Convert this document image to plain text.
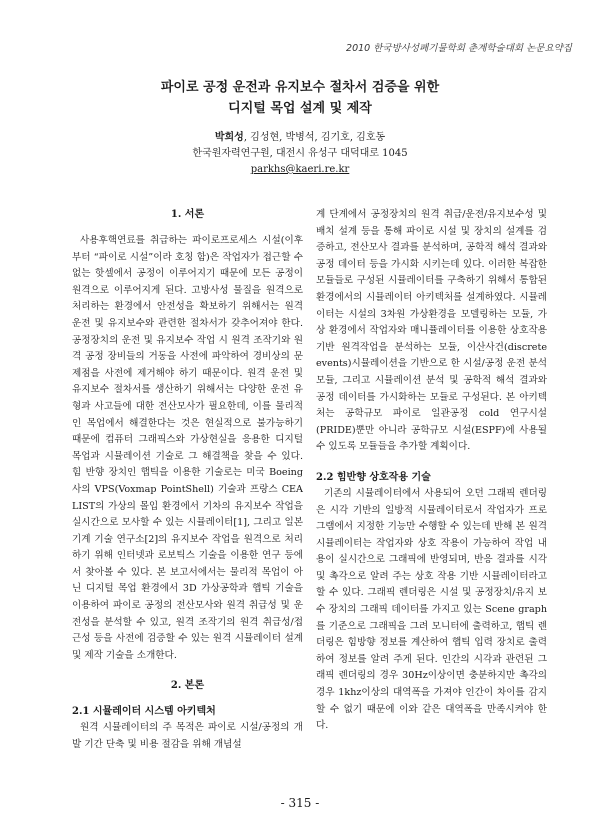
2010 한국방사성폐기물학회 춘계학술대회 논문요약집
파이로 공정 운전과 유지보수 절차서 검증을 위한
디지털 목업 설계 및 제작
박희성, 김성현, 박병석, 김기호, 김호동
한국원자력연구원, 대전시 유성구 대덕대로 1045
parkhs@kaeri.re.kr
1. 서론

사용후핵연료를 취급하는 파이로프로세스 시설(이후부터 “파이로 시설”이라 호칭 함)은 작업자가 접근할 수 없는 핫셀에서 공정이 이루어지기 때문에 모든 공정이 원격으로 이루어지게 된다. 고방사성 물질을 원격으로 처리하는 환경에서 안전성을 확보하기 위해서는 원격 운전 및 유지보수와 관련한 절차서가 갖추어져야 한다. 공정장치의 운전 및 유지보수 작업 시 원격 조작기와 원격 공정 장비들의 거동을 사전에 파악하여 경비상의 문제점을 사전에 제거해야 하기 때문이다. 원격 운전 및 유지보수 절차서를 생산하기 위해서는 다양한 운전 유형과 사고들에 대한 전산모사가 필요한데, 이를 물리적인 목업에서 해결한다는 것은 현실적으로 불가능하기 때문에 컴퓨터 그래픽스와 가상현실을 응용한 디지털 목업과 시뮬레이션 기술로 그 해결책을 찾을 수 있다. 힘 반향 장치인 햅틱을 이용한 기술로는 미국 Boeing 사의 VPS(Voxmap PointShell) 기술과 프랑스 CEA LIST의 가상의 몰입 환경에서 기차의 유지보수 작업을 실시간으로 모사할 수 있는 시뮬레이터[1], 그리고 일본 기계 기술 연구소[2]의 유지보수 작업을 원격으로 처리하기 위해 인터넷과 로보틱스 기술을 이용한 연구 등에서 찾아볼 수 있다. 본 보고서에서는 물리적 목업이 아닌 디지털 목업 환경에서 3D 가상공학과 햅틱 기술을 이용하여 파이로 공정의 전산모사와 원격 취급성 및 운전성을 분석할 수 있고, 원격 조작기의 원격 취급성/접근성 등을 사전에 검증할 수 있는 원격 시뮬레이터 설계 및 제작 기술을 소개한다.

2. 본론
2.1 시뮬레이터 시스템 아키텍처

원격 시뮬레이터의 주 목적은 파이로 시설/공정의 개발 기간 단축 및 비용 절감을 위해 개념설

계 단계에서 공정장치의 원격 취급/운전/유지보수성 및 배치 설계 등을 통해 파이로 시설 및 장치의 설계를 검증하고, 전산모사 결과를 분석하며, 공학적 해석 결과와 공정 데이터 등을 가시화 시키는데 있다. 이러한 복잡한 모듈들로 구성된 시뮬레이터를 구축하기 위해서 통합된 환경에서의 시뮬레이터 아키텍처를 설계하였다. 시뮬레이터는 시설의 3차원 가상환경을 모델링하는 모듈, 가상 환경에서 작업자와 매니퓰레이터를 이용한 상호작용 기반 원격작업을 분석하는 모듈, 이산사건(discrete events)시뮬레이션을 기반으로 한 시설/공정 운전 분석 모듈, 그리고 시뮬레이션 분석 및 공학적 해석 결과와 공정 데이터를 가시화하는 모듈로 구성된다. 본 아키텍처는 공학규모 파이로 일관공정 cold 연구시설(PRIDE)뿐만 아니라 공학규모 시설(ESPF)에 사용될 수 있도록 모듈들을 추가할 계획이다.

2.2 힘반향 상호작용 기술

기존의 시뮬레이터에서 사용되어 오던 그래픽 렌더링은 시각 기반의 일방적 시뮬레이터로서 작업자가 프로그램에서 지정한 기능만 수행할 수 있는데 반해 본 원격 시뮬레이터는 작업자와 상호 작용이 가능하여 작업 내용이 실시간으로 그래픽에 반영되며, 반응 결과를 시각 및 촉각으로 알려 주는 상호 작용 기반 시뮬레이터라고 할 수 있다. 그래픽 렌더링은 시설 및 공정장치/유지 보수 장치의 그래픽 데이터를 가지고 있는 Scene graph를 기준으로 그래픽을 그려 모니터에 출력하고, 햅틱 렌더링은 힘방향 정보를 계산하여 햅틱 입력 장치로 출력하여 정보를 알려 주게 된다. 인간의 시각과 관련된 그래픽 렌더링의 경우 30Hz이상이면 충분하지만 촉각의 경우 1khz이상의 대역폭을 가져야 인간이 차이를 감지 할 수 없기 때문에 이와 같은 대역폭을 만족시켜야 한다.

- 315 -
